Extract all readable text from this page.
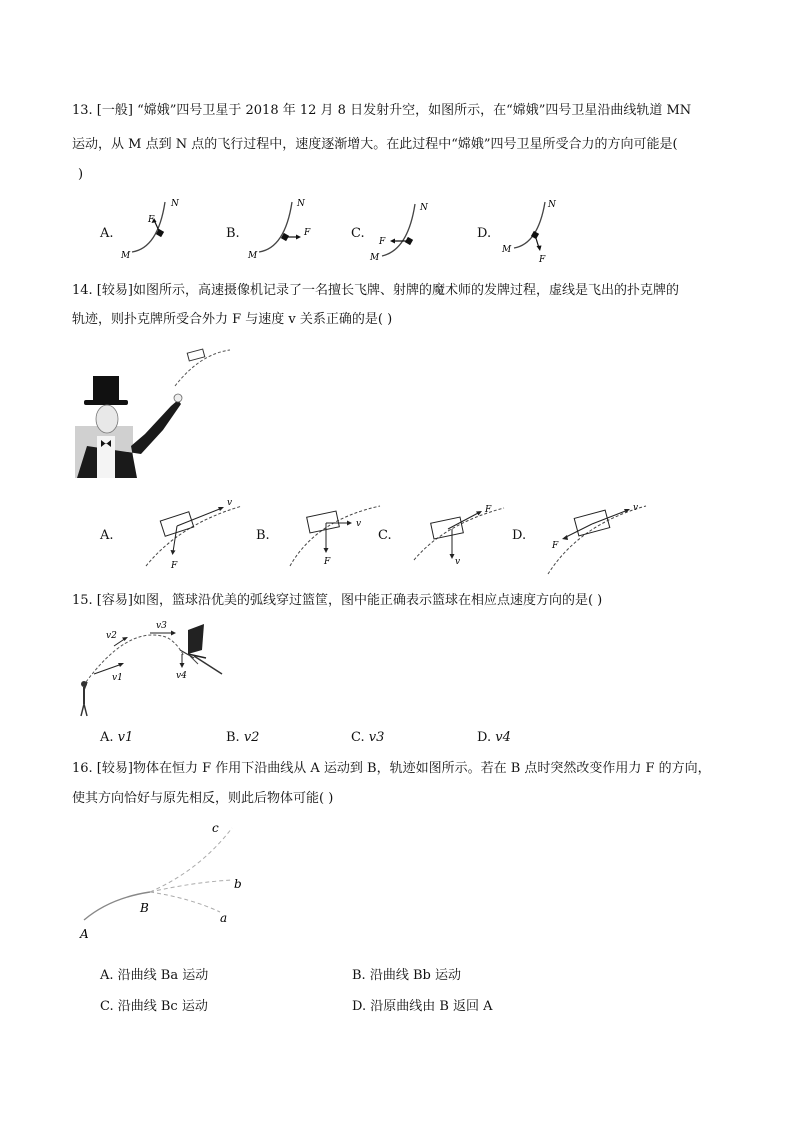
13. [一般] “嫦娥”四号卫星于 2018 年 12 月 8 日发射升空，如图所示，在“嫦娥”四号卫星沿曲线轨道 MN
运动，从 M 点到 N 点的飞行过程中，速度逐渐增大。在此过程中“嫦娥”四号卫星所受合力的方向可能是(
)
A.	B.	C.	D.
F
N
M
F
N
M
F
N
M	F
N
M
14. [较易]如图所示，高速摄像机记录了一名擅长飞牌、射牌的魔术师的发牌过程，虚线是飞出的扑克牌的
轨迹，则扑克牌所受合外力 F 与速度 v 关系正确的是( )
A.	B.	C.	D.
v
F
v
F
F
v
v
F
15. [容易]如图，篮球沿优美的弧线穿过篮筐，图中能正确表示篮球在相应点速度方向的是( )
v1
v2
v3
v4
A. v1	B. v2	C. v3	D. v4
16. [较易]物体在恒力 F 作用下沿曲线从 A 运动到 B，轨迹如图所示。若在 B 点时突然改变作用力 F 的方向，
使其方向恰好与原先相反，则此后物体可能( )
A
B
a
b
c
A. 沿曲线 Ba 运动	B. 沿曲线 Bb 运动
C. 沿曲线 Bc 运动	D. 沿原曲线由 B 返回 A
